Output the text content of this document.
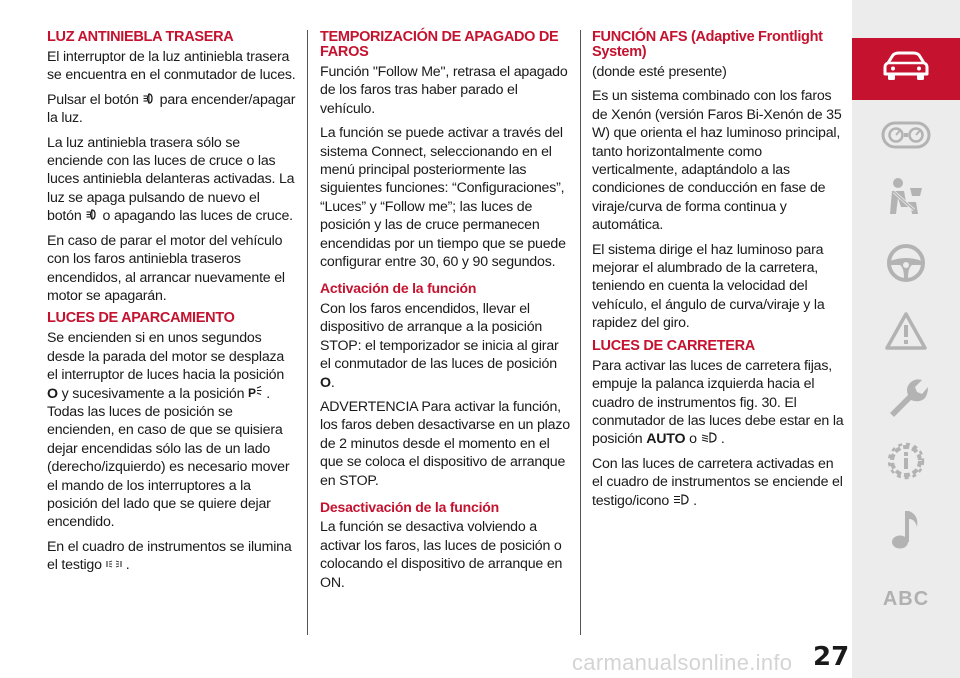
LUZ ANTINIEBLA TRASERA

El interruptor de la luz antiniebla trasera se encuentra en el conmutador de luces.

Pulsar el botón para encender/apagar la luz.

La luz antiniebla trasera sólo se enciende con las luces de cruce o las luces antiniebla delanteras activadas. La luz se apaga pulsando de nuevo el botón o apagando las luces de cruce.

En caso de parar el motor del vehículo con los faros antiniebla traseros encendidos, al arrancar nuevamente el motor se apagarán.

LUCES DE APARCAMIENTO

Se encienden si en unos segundos desde la parada del motor se desplaza el interruptor de luces hacia la posición O y sucesivamente a la posición P . Todas las luces de posición se encienden, en caso de que se quisiera dejar encendidas sólo las de un lado (derecho/izquierdo) es necesario mover el mando de los interruptores a la posición del lado que se quiere dejar encendido.

En el cuadro de instrumentos se ilumina el testigo .

TEMPORIZACIÓN DE APAGADO DE FAROS

Función "Follow Me", retrasa el apagado de los faros tras haber parado el vehículo.

La función se puede activar a través del sistema Connect, seleccionando en el menú principal posteriormente las siguientes funciones: “Configuraciones”, “Luces” y “Follow me”; las luces de posición y las de cruce permanecen encendidas por un tiempo que se puede configurar entre 30, 60 y 90 segundos.

Activación de la función

Con los faros encendidos, llevar el dispositivo de arranque a la posición STOP: el temporizador se inicia al girar el conmutador de las luces de posición O.

ADVERTENCIA Para activar la función, los faros deben desactivarse en un plazo de 2 minutos desde el momento en el que se coloca el dispositivo de arranque en STOP.

Desactivación de la función

La función se desactiva volviendo a activar los faros, las luces de posición o colocando el dispositivo de arranque en ON.

FUNCIÓN AFS (Adaptive Frontlight System)

(donde esté presente)

Es un sistema combinado con los faros de Xenón (versión Faros Bi-Xenón de 35 W) que orienta el haz luminoso principal, tanto horizontalmente como verticalmente, adaptándolo a las condiciones de conducción en fase de viraje/curva de forma continua y automática.

El sistema dirige el haz luminoso para mejorar el alumbrado de la carretera, teniendo en cuenta la velocidad del vehículo, el ángulo de curva/viraje y la rapidez del giro.

LUCES DE CARRETERA

Para activar las luces de carretera fijas, empuje la palanca izquierda hacia el cuadro de instrumentos fig. 30. El conmutador de las luces debe estar en la posición AUTO o .

Con las luces de carretera activadas en el cuadro de instrumentos se enciende el testigo/icono .

ABC
carmanualsonline.info 27
